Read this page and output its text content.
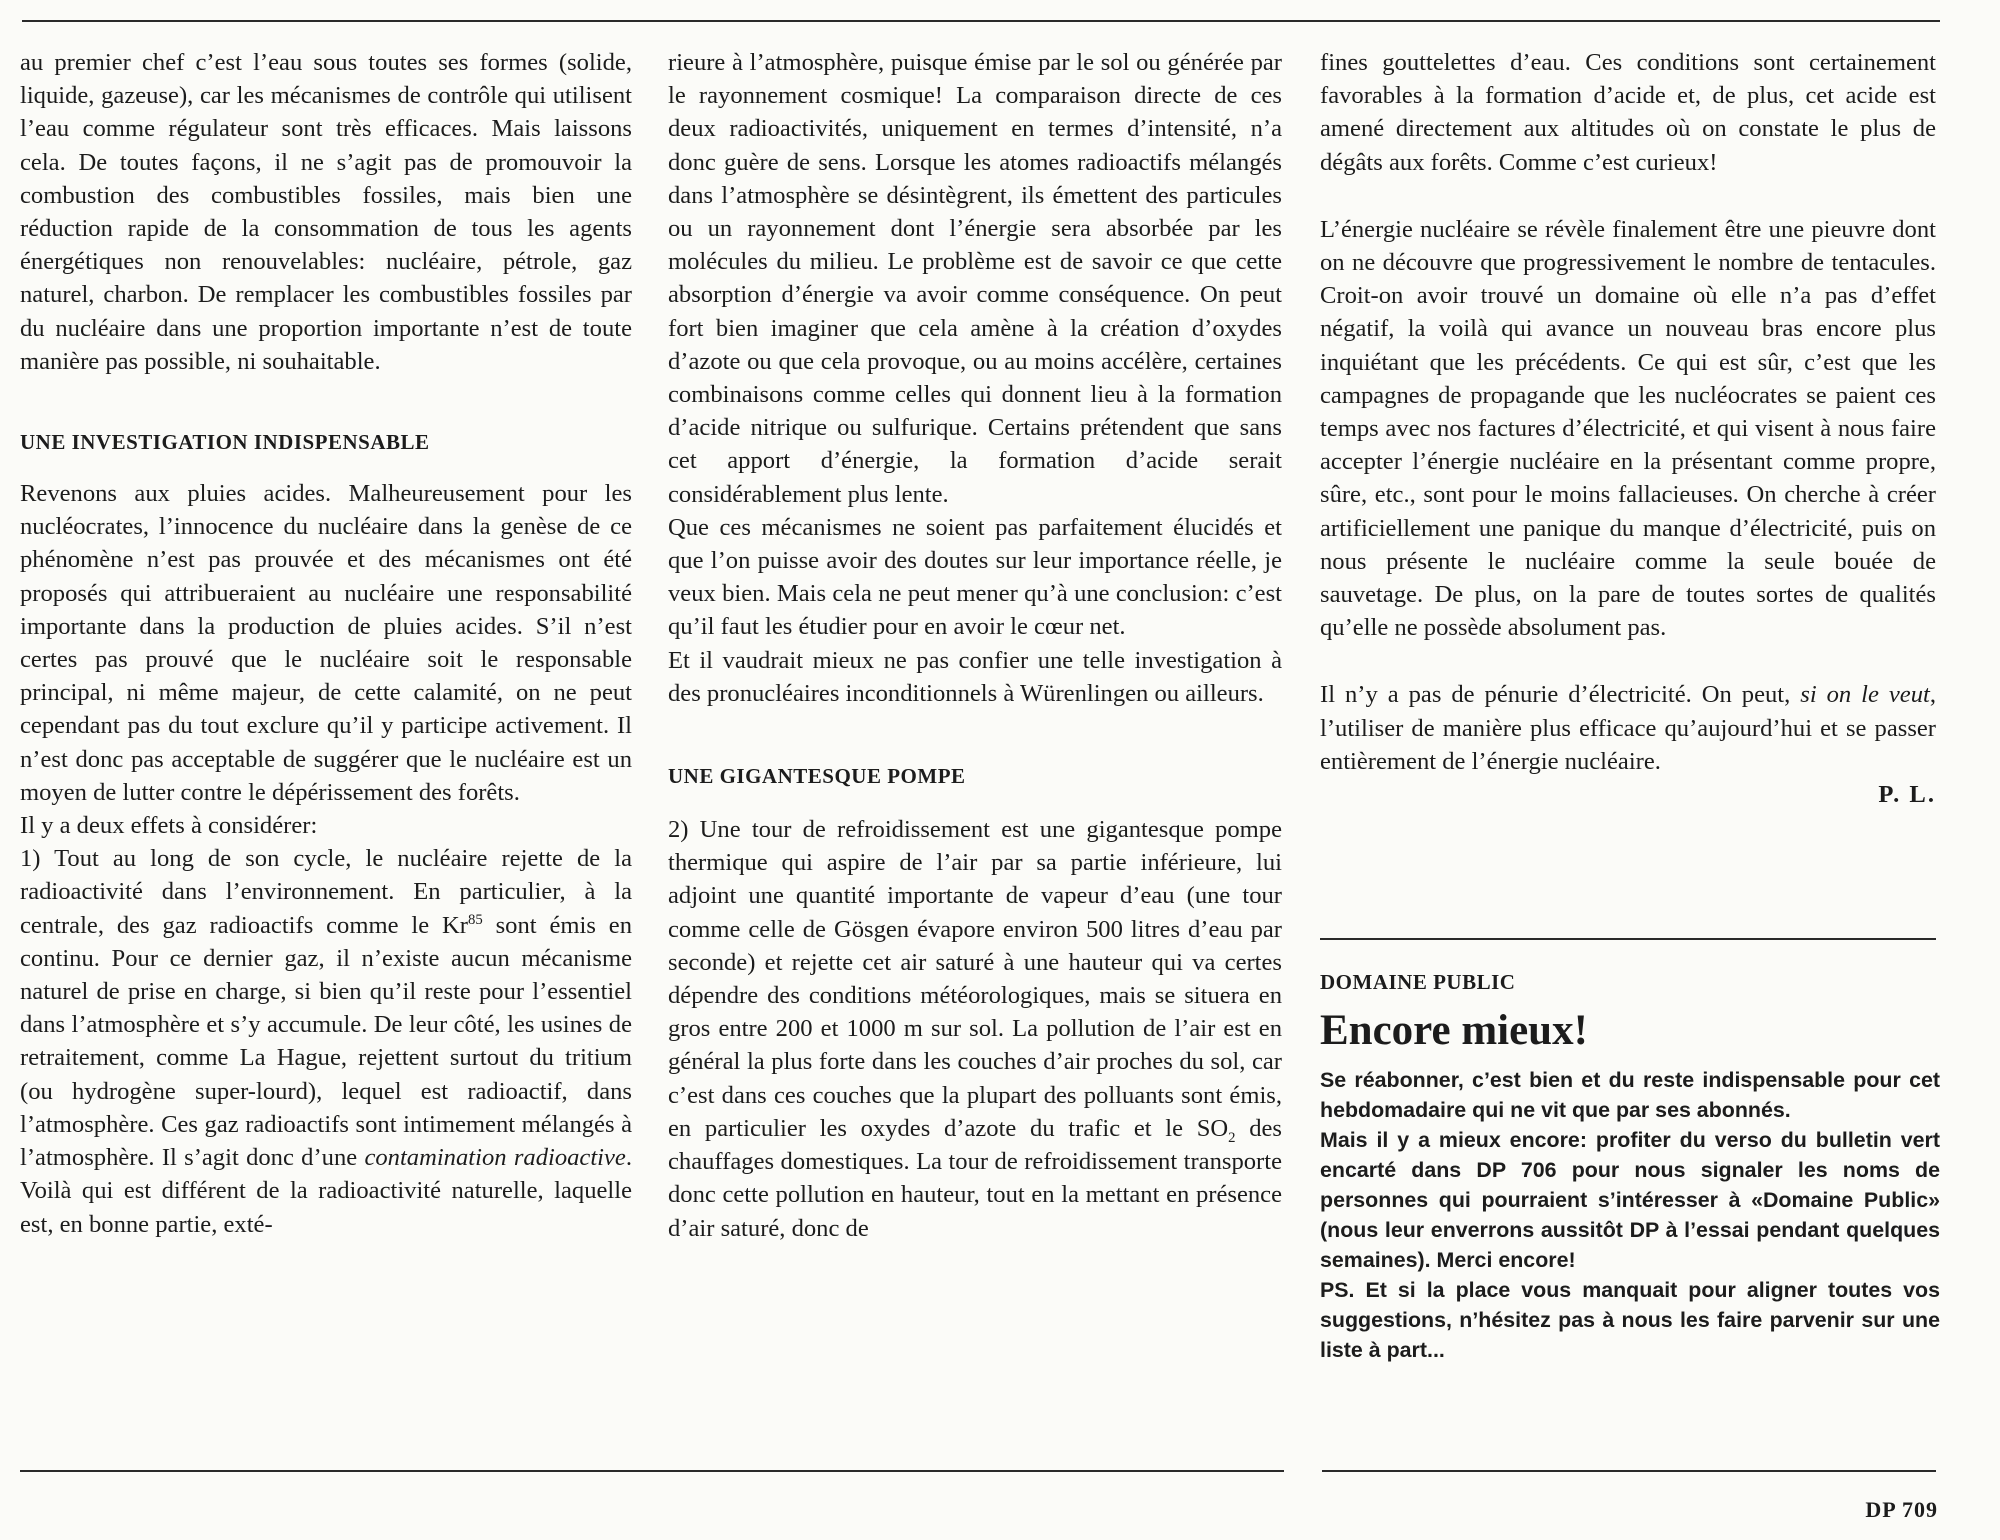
au premier chef c’est l’eau sous toutes ses formes (solide, liquide, gazeuse), car les mécanismes de contrôle qui utilisent l’eau comme régulateur sont très efficaces. Mais laissons cela. De toutes façons, il ne s’agit pas de promouvoir la combustion des combustibles fossiles, mais bien une réduction rapide de la consommation de tous les agents énergétiques non renouvelables: nucléaire, pétrole, gaz naturel, charbon. De remplacer les combustibles fossiles par du nucléaire dans une proportion importante n’est de toute manière pas possible, ni souhaitable.

UNE INVESTIGATION INDISPENSABLE

Revenons aux pluies acides. Malheureusement pour les nucléocrates, l’innocence du nucléaire dans la genèse de ce phénomène n’est pas prouvée et des mécanismes ont été proposés qui attribueraient au nucléaire une responsabilité importante dans la production de pluies acides. S’il n’est certes pas prouvé que le nucléaire soit le responsable principal, ni même majeur, de cette calamité, on ne peut cependant pas du tout exclure qu’il y participe activement. Il n’est donc pas acceptable de suggérer que le nucléaire est un moyen de lutter contre le dépérissement des forêts.

Il y a deux effets à considérer:

1) Tout au long de son cycle, le nucléaire rejette de la radioactivité dans l’environnement. En particulier, à la centrale, des gaz radioactifs comme le Kr$^{85}$ sont émis en continu. Pour ce dernier gaz, il n’existe aucun mécanisme naturel de prise en charge, si bien qu’il reste pour l’essentiel dans l’atmosphère et s’y accumule. De leur côté, les usines de retraitement, comme La Hague, rejettent surtout du tritium (ou hydrogène super-lourd), lequel est radioactif, dans l’atmosphère. Ces gaz radioactifs sont intimement mélangés à l’atmosphère. Il s’agit donc d’une contamination radioactive. Voilà qui est différent de la radioactivité naturelle, laquelle est, en bonne partie, exté-

rieure à l’atmosphère, puisque émise par le sol ou générée par le rayonnement cosmique! La comparaison directe de ces deux radioactivités, uniquement en termes d’intensité, n’a donc guère de sens. Lorsque les atomes radioactifs mélangés dans l’atmosphère se désintègrent, ils émettent des particules ou un rayonnement dont l’énergie sera absorbée par les molécules du milieu. Le problème est de savoir ce que cette absorption d’énergie va avoir comme conséquence. On peut fort bien imaginer que cela amène à la création d’oxydes d’azote ou que cela provoque, ou au moins accélère, certaines combinaisons comme celles qui donnent lieu à la formation d’acide nitrique ou sulfurique. Certains prétendent que sans cet apport d’énergie, la formation d’acide serait considérablement plus lente.

Que ces mécanismes ne soient pas parfaitement élucidés et que l’on puisse avoir des doutes sur leur importance réelle, je veux bien. Mais cela ne peut mener qu’à une conclusion: c’est qu’il faut les étudier pour en avoir le cœur net.

Et il vaudrait mieux ne pas confier une telle investigation à des pronucléaires inconditionnels à Würenlingen ou ailleurs.

UNE GIGANTESQUE POMPE

2) Une tour de refroidissement est une gigantesque pompe thermique qui aspire de l’air par sa partie inférieure, lui adjoint une quantité importante de vapeur d’eau (une tour comme celle de Gösgen évapore environ 500 litres d’eau par seconde) et rejette cet air saturé à une hauteur qui va certes dépendre des conditions météorologiques, mais se situera en gros entre 200 et 1000 m sur sol. La pollution de l’air est en général la plus forte dans les couches d’air proches du sol, car c’est dans ces couches que la plupart des polluants sont émis, en particulier les oxydes d’azote du trafic et le $SO_2$ des chauffages domestiques. La tour de refroidissement transporte donc cette pollution en hauteur, tout en la mettant en présence d’air saturé, donc de

fines gouttelettes d’eau. Ces conditions sont certainement favorables à la formation d’acide et, de plus, cet acide est amené directement aux altitudes où on constate le plus de dégâts aux forêts. Comme c’est curieux!

L’énergie nucléaire se révèle finalement être une pieuvre dont on ne découvre que progressivement le nombre de tentacules. Croit-on avoir trouvé un domaine où elle n’a pas d’effet négatif, la voilà qui avance un nouveau bras encore plus inquiétant que les précédents. Ce qui est sûr, c’est que les campagnes de propagande que les nucléocrates se paient ces temps avec nos factures d’électricité, et qui visent à nous faire accepter l’énergie nucléaire en la présentant comme propre, sûre, etc., sont pour le moins fallacieuses. On cherche à créer artificiellement une panique du manque d’électricité, puis on nous présente le nucléaire comme la seule bouée de sauvetage. De plus, on la pare de toutes sortes de qualités qu’elle ne possède absolument pas.

Il n’y a pas de pénurie d’électricité. On peut, si on le veut, l’utiliser de manière plus efficace qu’aujourd’hui et se passer entièrement de l’énergie nucléaire.

P. L.
DOMAINE PUBLIC
Encore mieux!

Se réabonner, c’est bien et du reste indispensable pour cet hebdomadaire qui ne vit que par ses abonnés.

Mais il y a mieux encore: profiter du verso du bulletin vert encarté dans DP 706 pour nous signaler les noms de personnes qui pourraient s’intéresser à «Domaine Public» (nous leur enverrons aussitôt DP à l’essai pendant quelques semaines). Merci encore!

PS. Et si la place vous manquait pour aligner toutes vos suggestions, n’hésitez pas à nous les faire parvenir sur une liste à part...

DP 709
